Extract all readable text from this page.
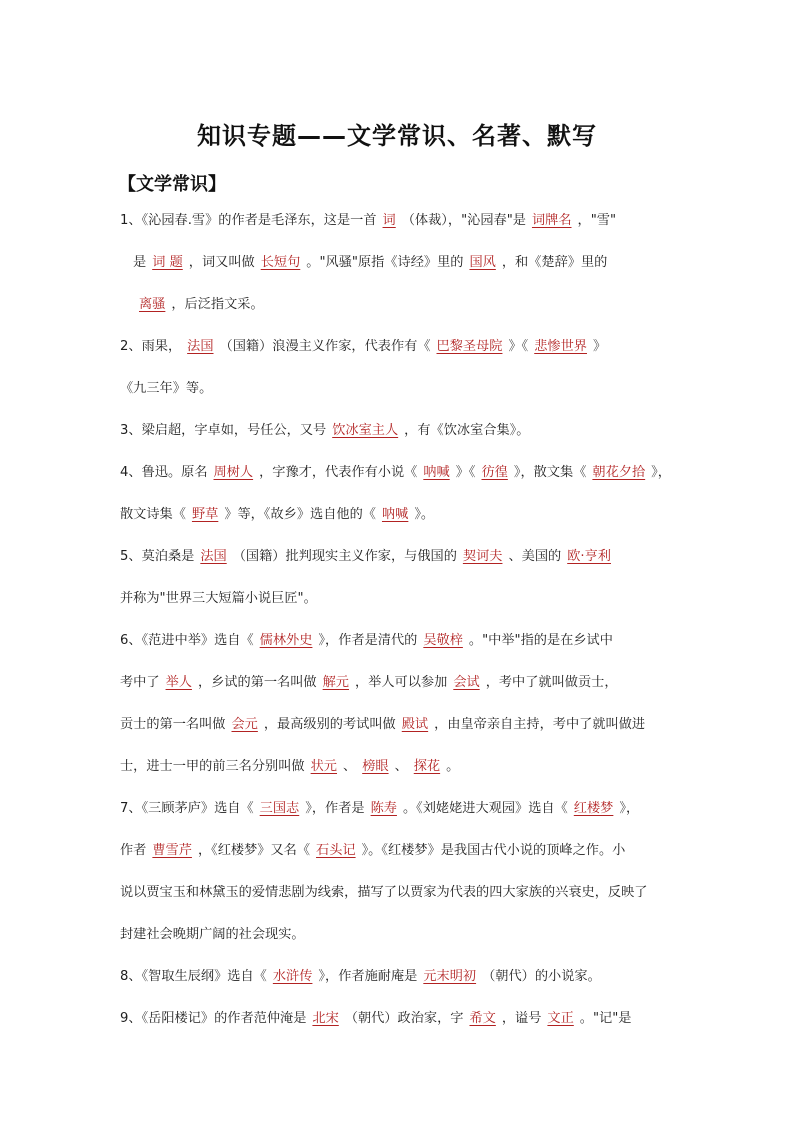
知识专题——文学常识、名著、默写
【文学常识】
1、《沁园春.雪》的作者是毛泽东，这是一首 词 （体裁），"沁园春"是 词牌名 ，"雪"
是 词 题 ，词又叫做 长短句 。"风骚"原指《诗经》里的 国风 ，和《楚辞》里的
离骚 ，后泛指文采。
2、雨果， 法国 （国籍）浪漫主义作家，代表作有《 巴黎圣母院 》《 悲惨世界 》
《九三年》等。
3、梁启超，字卓如，号任公，又号 饮冰室主人 ，有《饮冰室合集》。
4、鲁迅。原名 周树人 ，字豫才，代表作有小说《 呐喊 》《 彷徨 》，散文集《 朝花夕拾 》，
散文诗集《 野草 》等，《故乡》选自他的《 呐喊 》。
5、莫泊桑是 法国 （国籍）批判现实主义作家，与俄国的 契诃夫 、美国的 欧·亨利
并称为"世界三大短篇小说巨匠"。
6、《范进中举》选自《 儒林外史 》，作者是清代的 吴敬梓 。"中举"指的是在乡试中
考中了 举人 ，乡试的第一名叫做 解元 ，举人可以参加 会试 ，考中了就叫做贡士，
贡士的第一名叫做 会元 ，最高级别的考试叫做 殿试 ，由皇帝亲自主持，考中了就叫做进
士，进士一甲的前三名分别叫做 状元 、 榜眼 、 探花 。
7、《三顾茅庐》选自《 三国志 》，作者是 陈寿 。《刘姥姥进大观园》选自《 红楼梦 》，
作者 曹雪芹 ，《红楼梦》又名《 石头记 》。《红楼梦》是我国古代小说的顶峰之作。小
说以贾宝玉和林黛玉的爱情悲剧为线索，描写了以贾家为代表的四大家族的兴衰史，反映了
封建社会晚期广阔的社会现实。
8、《智取生辰纲》选自《 水浒传 》，作者施耐庵是 元末明初 （朝代）的小说家。
9、《岳阳楼记》的作者范仲淹是 北宋 （朝代）政治家，字 希文 ，谥号 文正 。"记"是
